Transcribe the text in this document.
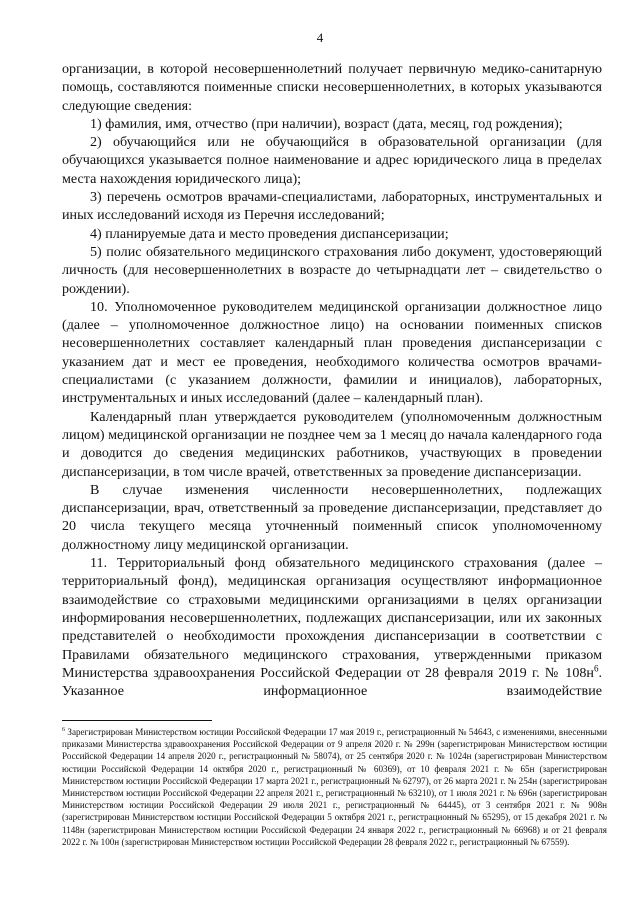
4

организации, в которой несовершеннолетний получает первичную медико-санитарную помощь, составляются поименные списки несовершеннолетних, в которых указываются следующие сведения:

1) фамилия, имя, отчество (при наличии), возраст (дата, месяц, год рождения);

2) обучающийся или не обучающийся в образовательной организации (для обучающихся указывается полное наименование и адрес юридического лица в пределах места нахождения юридического лица);

3) перечень осмотров врачами-специалистами, лабораторных, инструментальных и иных исследований исходя из Перечня исследований;

4) планируемые дата и место проведения диспансеризации;

5) полис обязательного медицинского страхования либо документ, удостоверяющий личность (для несовершеннолетних в возрасте до четырнадцати лет – свидетельство о рождении).

10. Уполномоченное руководителем медицинской организации должностное лицо (далее – уполномоченное должностное лицо) на основании поименных списков несовершеннолетних составляет календарный план проведения диспансеризации с указанием дат и мест ее проведения, необходимого количества осмотров врачами-специалистами (с указанием должности, фамилии и инициалов), лабораторных, инструментальных и иных исследований (далее – календарный план).

Календарный план утверждается руководителем (уполномоченным должностным лицом) медицинской организации не позднее чем за 1 месяц до начала календарного года и доводится до сведения медицинских работников, участвующих в проведении диспансеризации, в том числе врачей, ответственных за проведение диспансеризации.

В случае изменения численности несовершеннолетних, подлежащих диспансеризации, врач, ответственный за проведение диспансеризации, представляет до 20 числа текущего месяца уточненный поименный список уполномоченному должностному лицу медицинской организации.

11. Территориальный фонд обязательного медицинского страхования (далее – территориальный фонд), медицинская организация осуществляют информационное взаимодействие со страховыми медицинскими организациями в целях организации информирования несовершеннолетних, подлежащих диспансеризации, или их законных представителей о необходимости прохождения диспансеризации в соответствии с Правилами обязательного медицинского страхования, утвержденными приказом Министерства здравоохранения Российской Федерации от 28 февраля 2019 г. № $108н^6$. Указанное информационное взаимодействие

$^6$ Зарегистрирован Министерством юстиции Российской Федерации 17 мая 2019 г., регистрационный № 54643, с изменениями, внесенными приказами Министерства здравоохранения Российской Федерации от 9 апреля 2020 г. № 299н (зарегистрирован Министерством юстиции Российской Федерации 14 апреля 2020 г., регистрационный № 58074), от 25 сентября 2020 г. № 1024н (зарегистрирован Министерством юстиции Российской Федерации 14 октября 2020 г., регистрационный № 60369), от 10 февраля 2021 г. № 65н (зарегистрирован Министерством юстиции Российской Федерации 17 марта 2021 г., регистрационный № 62797), от 26 марта 2021 г. № 254н (зарегистрирован Министерством юстиции Российской Федерации 22 апреля 2021 г., регистрационный № 63210), от 1 июля 2021 г. № 696н (зарегистрирован Министерством юстиции Российской Федерации 29 июля 2021 г., регистрационный № 64445), от 3 сентября 2021 г. № 908н (зарегистрирован Министерством юстиции Российской Федерации 5 октября 2021 г., регистрационный № 65295), от 15 декабря 2021 г. № 1148н (зарегистрирован Министерством юстиции Российской Федерации 24 января 2022 г., регистрационный № 66968) и от 21 февраля 2022 г. № 100н (зарегистрирован Министерством юстиции Российской Федерации 28 февраля 2022 г., регистрационный № 67559).
